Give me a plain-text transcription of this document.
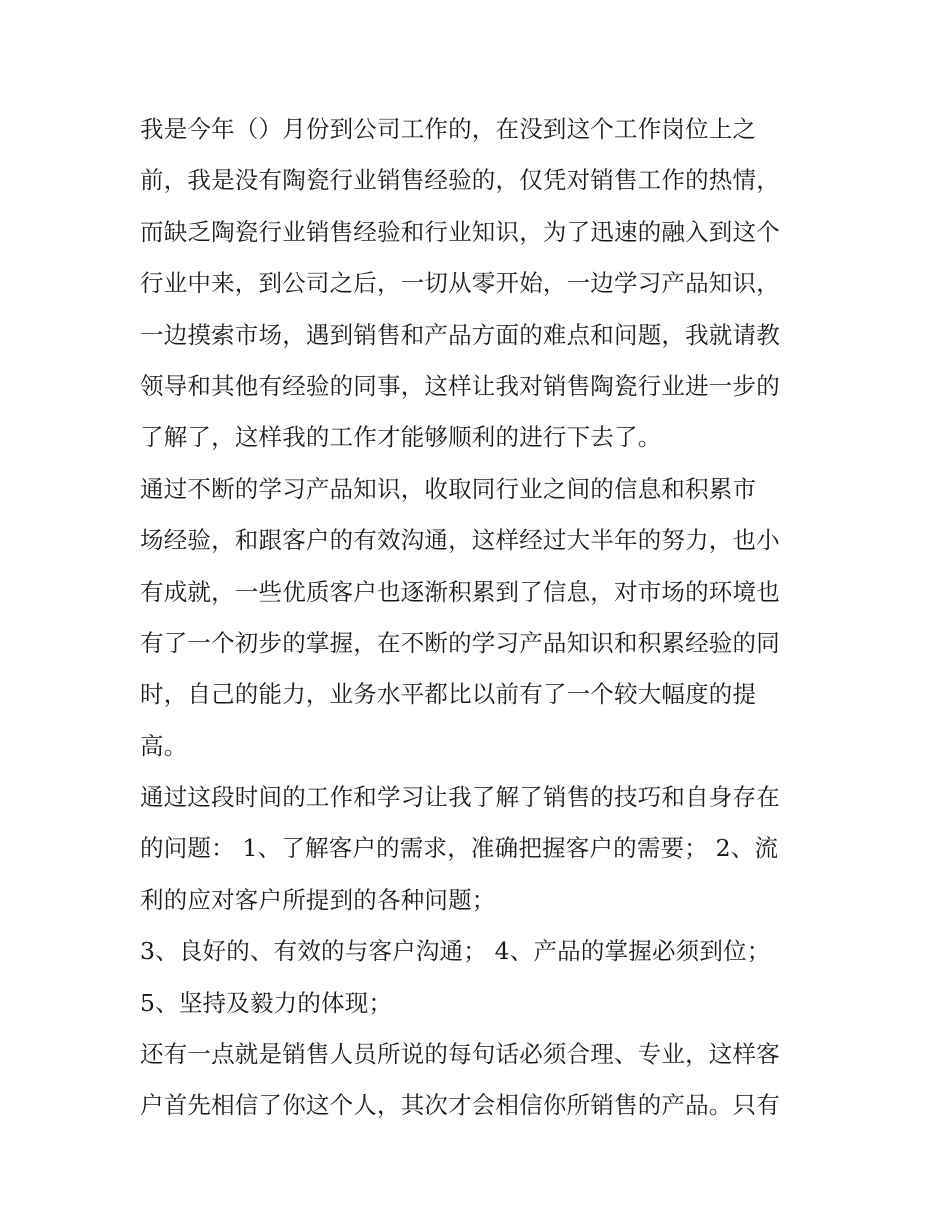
我是今年（）月份到公司工作的，在没到这个工作岗位上之
前，我是没有陶瓷行业销售经验的，仅凭对销售工作的热情，
而缺乏陶瓷行业销售经验和行业知识，为了迅速的融入到这个
行业中来，到公司之后，一切从零开始，一边学习产品知识，
一边摸索市场，遇到销售和产品方面的难点和问题，我就请教
领导和其他有经验的同事，这样让我对销售陶瓷行业进一步的
了解了，这样我的工作才能够顺利的进行下去了。
通过不断的学习产品知识，收取同行业之间的信息和积累市
场经验，和跟客户的有效沟通，这样经过大半年的努力，也小
有成就，一些优质客户也逐渐积累到了信息，对市场的环境也
有了一个初步的掌握，在不断的学习产品知识和积累经验的同
时，自己的能力，业务水平都比以前有了一个较大幅度的提
高。
通过这段时间的工作和学习让我了解了销售的技巧和自身存在
的问题： 1、了解客户的需求，准确把握客户的需要； 2、流
利的应对客户所提到的各种问题；
3、良好的、有效的与客户沟通； 4、产品的掌握必须到位；
5、坚持及毅力的体现；
还有一点就是销售人员所说的每句话必须合理、专业，这样客
户首先相信了你这个人，其次才会相信你所销售的产品。只有
